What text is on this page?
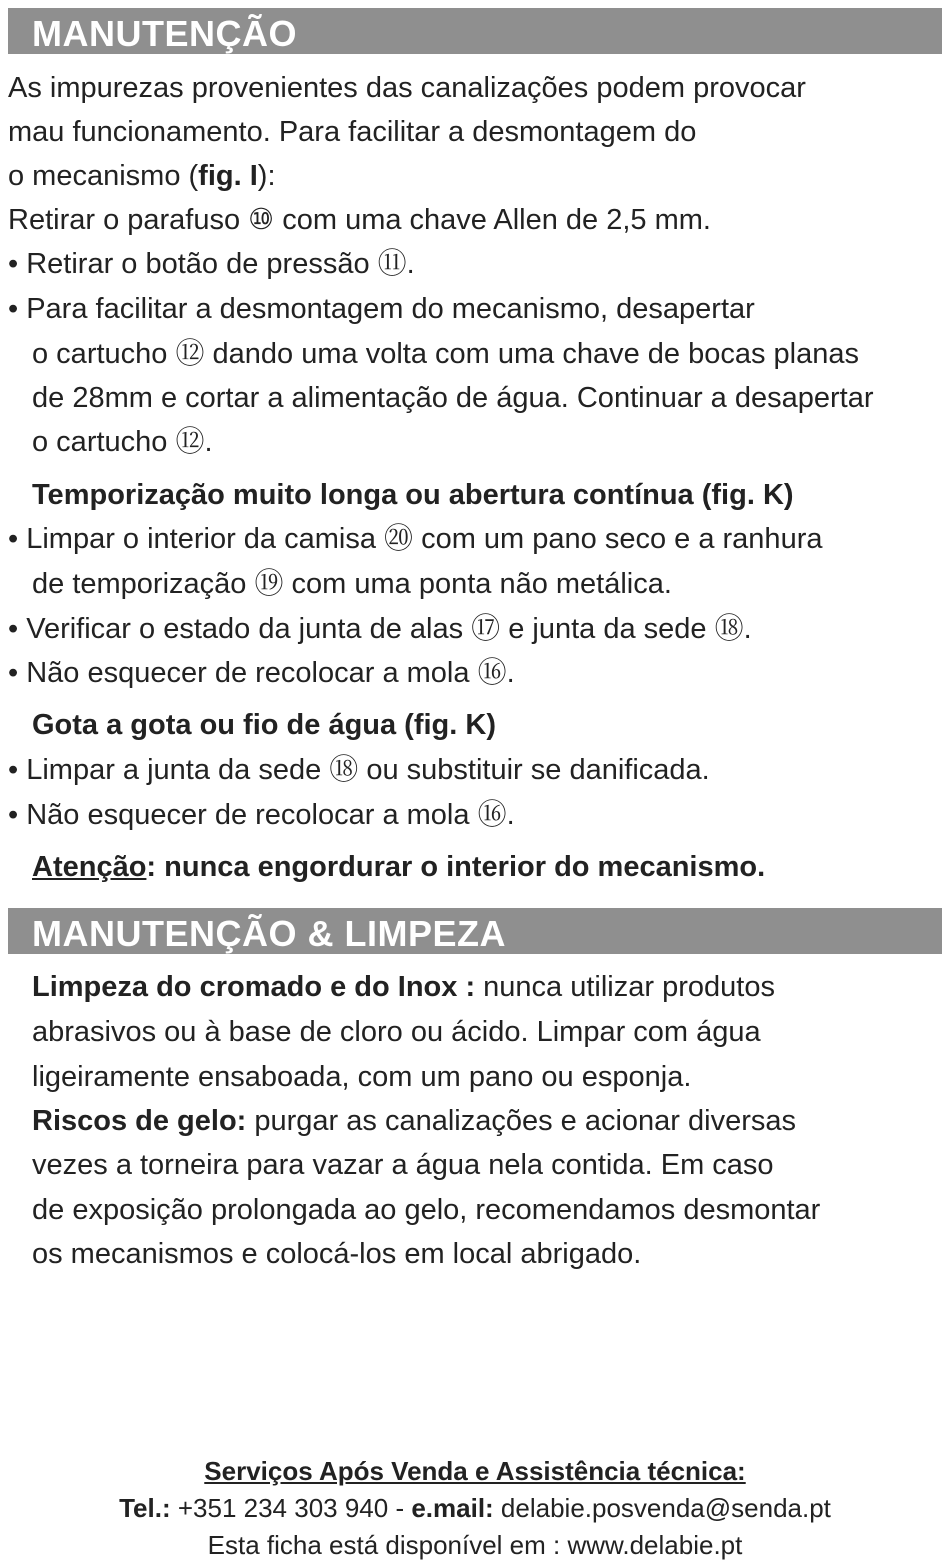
MANUTENÇÃO
As impurezas provenientes das canalizações podem provocar
mau funcionamento. Para facilitar a desmontagem do
o mecanismo (fig. I):
Retirar o parafuso ⑩ com uma chave Allen de 2,5 mm.
• Retirar o botão de pressão ⑪.
• Para facilitar a desmontagem do mecanismo, desapertar
o cartucho ⑫ dando uma volta com uma chave de bocas planas
de 28mm e cortar a alimentação de água. Continuar a desapertar
o cartucho ⑫.
Temporização muito longa ou abertura contínua (fig. K)
• Limpar o interior da camisa ⑳ com um pano seco e a ranhura
de temporização ⑲ com uma ponta não metálica.
• Verificar o estado da junta de alas ⑰ e junta da sede ⑱.
• Não esquecer de recolocar a mola ⑯.
Gota a gota ou fio de água (fig. K)
• Limpar a junta da sede ⑱ ou substituir se danificada.
• Não esquecer de recolocar a mola ⑯.
Atenção: nunca engordurar o interior do mecanismo.
MANUTENÇÃO & LIMPEZA
Limpeza do cromado e do Inox : nunca utilizar produtos
abrasivos ou à base de cloro ou ácido. Limpar com água
ligeiramente ensaboada, com um pano ou esponja.
Riscos de gelo: purgar as canalizações e acionar diversas
vezes a torneira para vazar a água nela contida. Em caso
de exposição prolongada ao gelo, recomendamos desmontar
os mecanismos e colocá-los em local abrigado.
Serviços Após Venda e Assistência técnica:
Tel.: +351 234 303 940 - e.mail: delabie.posvenda@senda.pt
Esta ficha está disponível em : www.delabie.pt
